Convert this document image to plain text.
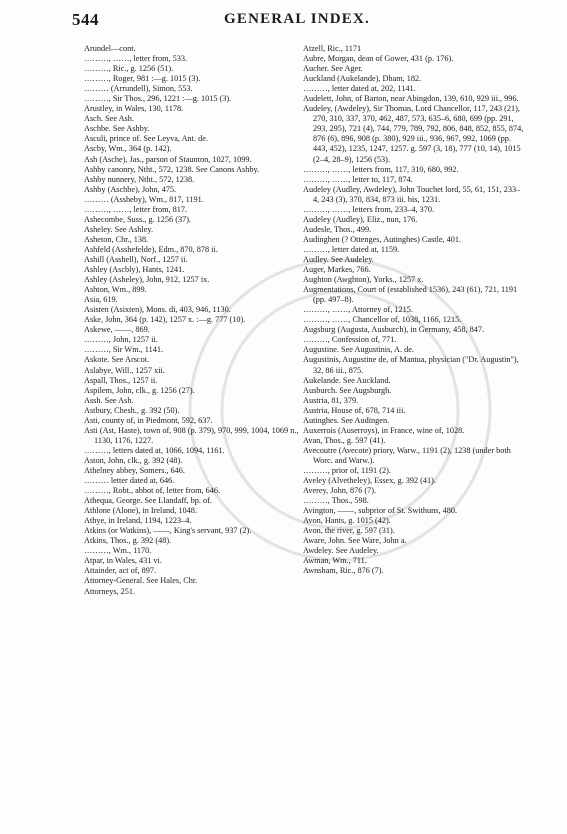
544	GENERAL INDEX.

Arundel—cont.

………, ……, letter from, 533.

………, Ric., g. 1256 (51).

………, Roger, 981 :—g. 1015 (3).

……… (Arrundell), Simon, 553.

………, Sir Thos., 296, 1221 :—g. 1015 (3).

Arustley, in Wales, 130, 1178.

Asch. See Ash.

Aschbe. See Ashby.

Asculi, prince of. See Leyva, Ant. de.

Ascby, Wm., 364 (p. 142).

Ash (Asche), Jas., parson of Staunton, 1027, 1099.

Ashby canonry, Ntht., 572, 1238. See Canons Ashby.

Ashby nunnery, Ntht., 572, 1238.

Ashby (Aschbe), John, 475.

……… (Assheby), Wm., 817, 1191.

………, ……, letter from, 817.

Ashecombe, Suss., g. 1256 (37).

Asheley. See Ashley.

Asheton, Chr., 138.

Ashfeld (Asshefelde), Edm., 870, 878 ii.

Ashill (Asshell), Norf., 1257 ii.

Ashley (Ascbly), Hants, 1241.

Ashley (Asheley), John, 912, 1257 ix.

Ashton, Wm., 899.

Asia, 619.

Asisten (Asixten), Mons. di, 403, 946, 1130.

Aske, John, 364 (p. 142), 1257 x. :—g. 777 (10).

Askewe, ——, 869.

………, John, 1257 ii.

………, Sir Wm., 1141.

Askote. See Arscot.

Aslabye, Will., 1257 xii.

Aspall, Thos., 1257 ii.

Aspilem, John, clk., g. 1256 (27).

Assh. See Ash.

Astbury, Chesh., g. 392 (50).

Asti, county of, in Piedmont, 592, 637.

Asti (Ast, Haste), town of, 908 (p. 379), 970, 999, 1004, 1069 n., 1130, 1176, 1227.

………, letters dated at, 1066, 1094, 1161.

Aston, John, clk., g. 392 (48).

Athelney abbey, Somers., 646.

……… letter dated at, 646.

………, Robt., abbot of, letter from, 646.

Athequa, George. See Llandaff, bp. of.

Athlone (Alone), in Ireland, 1048.

Athye, in Ireland, 1194, 1223–4.

Atkins (or Watkins), ——, King's servant, 937 (2).

Atkins, Thos., g. 392 (48).

………, Wm., 1170.

Atpar, in Wales, 431 vi.

Attainder, act of, 897.

Attorney-General. See Hales, Chr.

Attorneys, 251.

Atzell, Ric., 1171

Aubre, Morgan, dean of Gower, 431 (p. 176).

Aucher. See Ager.

Auckland (Aukelande), Dham, 182.

………, letter dated at, 202, 1141.

Audelett, John, of Barton, near Abingdon, 139, 610, 929 iii., 996.

Audeley, (Awdeley), Sir Thomas, Lord Chancellor, 117, 243 (21), 270, 310, 337, 370, 462, 487, 573, 635–6, 680, 699 (pp. 291, 293, 295), 721 (4), 744, 779, 789, 792, 806, 848, 852, 855, 874, 876 (6), 896, 908 (p. 380), 929 iii., 936, 967, 992, 1069 (pp. 443, 452), 1235, 1247, 1257. g. 597 (3, 18), 777 (10, 14), 1015 (2–4, 28–9), 1256 (53).

………, ……, letters from, 117, 310, 680, 992.

………, ……, letter to, 117, 874.

Audeley (Audley, Awdeley), John Touchet lord, 55, 61, 151, 233–4, 243 (3), 370, 834, 873 iii. bis, 1231.

………, ……, letters from, 233–4, 370.

Audeley (Audley), Eliz., nun, 176.

Audesle, Thos., 499.

Audinghen (? Ottenges, Autinghes) Castle, 401.

………, letter dated at, 1159.

Audley. See Audeley.

Auger, Markes, 766.

Aughton (Awghton), Yorks., 1257 x.

Augmentations, Court of (established 1536), 243 (61), 721, 1191 (pp. 497–8).

………, ……, Attorney of, 1215.

………, ……, Chancellor of, 1038, 1166, 1215.

Augsburg (Augusta, Ausburch), in Germany, 458, 847.

………, Confession of, 771.

Augustine. See Augustinis, A. de.

Augustinis, Augustine de, of Mantua, physician ("Dr. Augustin"), 32, 86 iii., 875.

Aukelande. See Auckland.

Ausburch. See Augsburgh.

Austria, 81, 379.

Austria, House of, 678, 714 iii.

Autinghes. See Audingen.

Auxerrois (Auserroys), in France, wine of, 1028.

Avan, Thos., g. 597 (41).

Avecoutre (Avecote) priory, Warw., 1191 (2), 1238 (under both Worc. and Warw.).

………, prior of, 1191 (2).

Aveley (Alvetheley), Essex, g. 392 (41).

Averey, John, 876 (7).

………, Thos., 598.

Avington, ——, subprior of St. Swithuns, 480.

Avon, Hants, g. 1015 (42).

Avon, the river, g. 597 (31).

Aware, John. See Ware, John a.

Awdeley. See Audeley.

Awman, Wm., 711.

Awnsham, Ric., 876 (7).
